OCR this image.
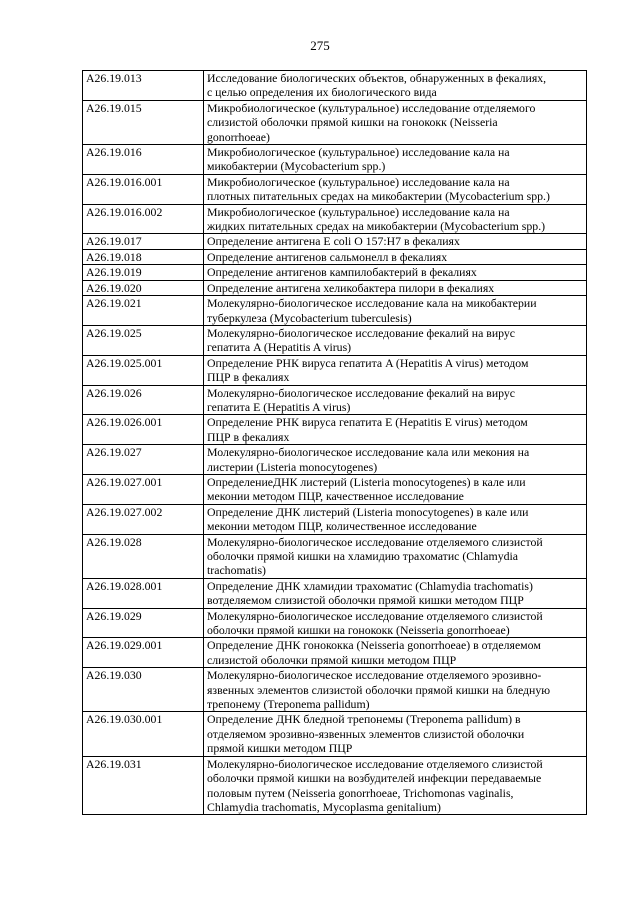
275
A26.19.013	Исследование биологических объектов, обнаруженных в фекалиях,
с целью определения их биологического вида
A26.19.015	Микробиологическое (культуральное) исследование отделяемого
слизистой оболочки прямой кишки на гонококк (Neisseria
gonorrhoeae)
A26.19.016	Микробиологическое (культуральное) исследование кала на
микобактерии (Mycobacterium spp.)
A26.19.016.001	Микробиологическое (культуральное) исследование кала на
плотных питательных средах на микобактерии (Mycobacterium spp.)
A26.19.016.002	Микробиологическое (культуральное) исследование кала на
жидких питательных средах на микобактерии (Mycobacterium spp.)
A26.19.017	Определение антигена E coli O 157:H7 в фекалиях
A26.19.018	Определение антигенов сальмонелл в фекалиях
A26.19.019	Определение антигенов кампилобактерий в фекалиях
A26.19.020	Определение антигена хеликобактера пилори в фекалиях
A26.19.021	Молекулярно-биологическое исследование кала на микобактерии
туберкулеза (Mycobacterium tuberculesis)
A26.19.025	Молекулярно-биологическое исследование фекалий на вирус
гепатита A (Hepatitis A virus)
A26.19.025.001	Определение РНК вируса гепатита A (Hepatitis A virus) методом
ПЦР в фекалиях
A26.19.026	Молекулярно-биологическое исследование фекалий на вирус
гепатита E (Hepatitis A virus)
A26.19.026.001	Определение РНК вируса гепатита E (Hepatitis E virus) методом
ПЦР в фекалиях
A26.19.027	Молекулярно-биологическое исследование кала или мекония на
листерии (Listeria monocytogenes)
A26.19.027.001	ОпределениеДНК листерий (Listeria monocytogenes) в кале или
меконии методом ПЦР, качественное исследование
A26.19.027.002	Определение ДНК листерий (Listeria monocytogenes) в кале или
меконии методом ПЦР, количественное исследование
A26.19.028	Молекулярно-биологическое исследование отделяемого слизистой
оболочки прямой кишки на хламидию трахоматис (Chlamydia
trachomatis)
A26.19.028.001	Определение ДНК хламидии трахоматис (Chlamydia trachomatis)
вотделяемом слизистой оболочки прямой кишки методом ПЦР
A26.19.029	Молекулярно-биологическое исследование отделяемого слизистой
оболочки прямой кишки на гонококк (Neisseria gonorrhoeae)
A26.19.029.001	Определение ДНК гонококка (Neisseria gonorrhoeae) в отделяемом
слизистой оболочки прямой кишки методом ПЦР
A26.19.030	Молекулярно-биологическое исследование отделяемого эрозивно-
язвенных элементов слизистой оболочки прямой кишки на бледную
трепонему (Treponema pallidum)
A26.19.030.001	Определение ДНК бледной трепонемы (Treponema pallidum) в
отделяемом эрозивно-язвенных элементов слизистой оболочки
прямой кишки методом ПЦР
A26.19.031	Молекулярно-биологическое исследование отделяемого слизистой
оболочки прямой кишки на возбудителей инфекции передаваемые
половым путем (Neisseria gonorrhoeae, Trichomonas vaginalis,
Chlamydia trachomatis, Mycoplasma genitalium)
